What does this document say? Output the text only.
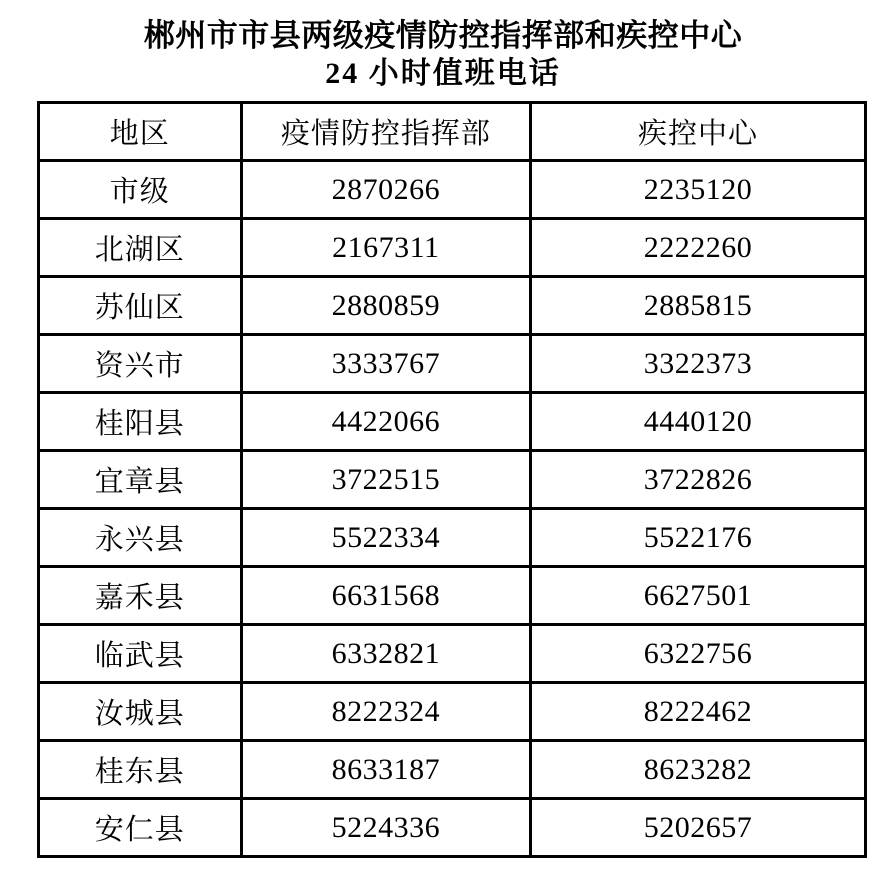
郴州市市县两级疫情防控指挥部和疾控中心
24 小时值班电话
地区	疫情防控指挥部	疾控中心
市级	2870266	2235120
北湖区	2167311	2222260
苏仙区	2880859	2885815
资兴市	3333767	3322373
桂阳县	4422066	4440120
宜章县	3722515	3722826
永兴县	5522334	5522176
嘉禾县	6631568	6627501
临武县	6332821	6322756
汝城县	8222324	8222462
桂东县	8633187	8623282
安仁县	5224336	5202657
